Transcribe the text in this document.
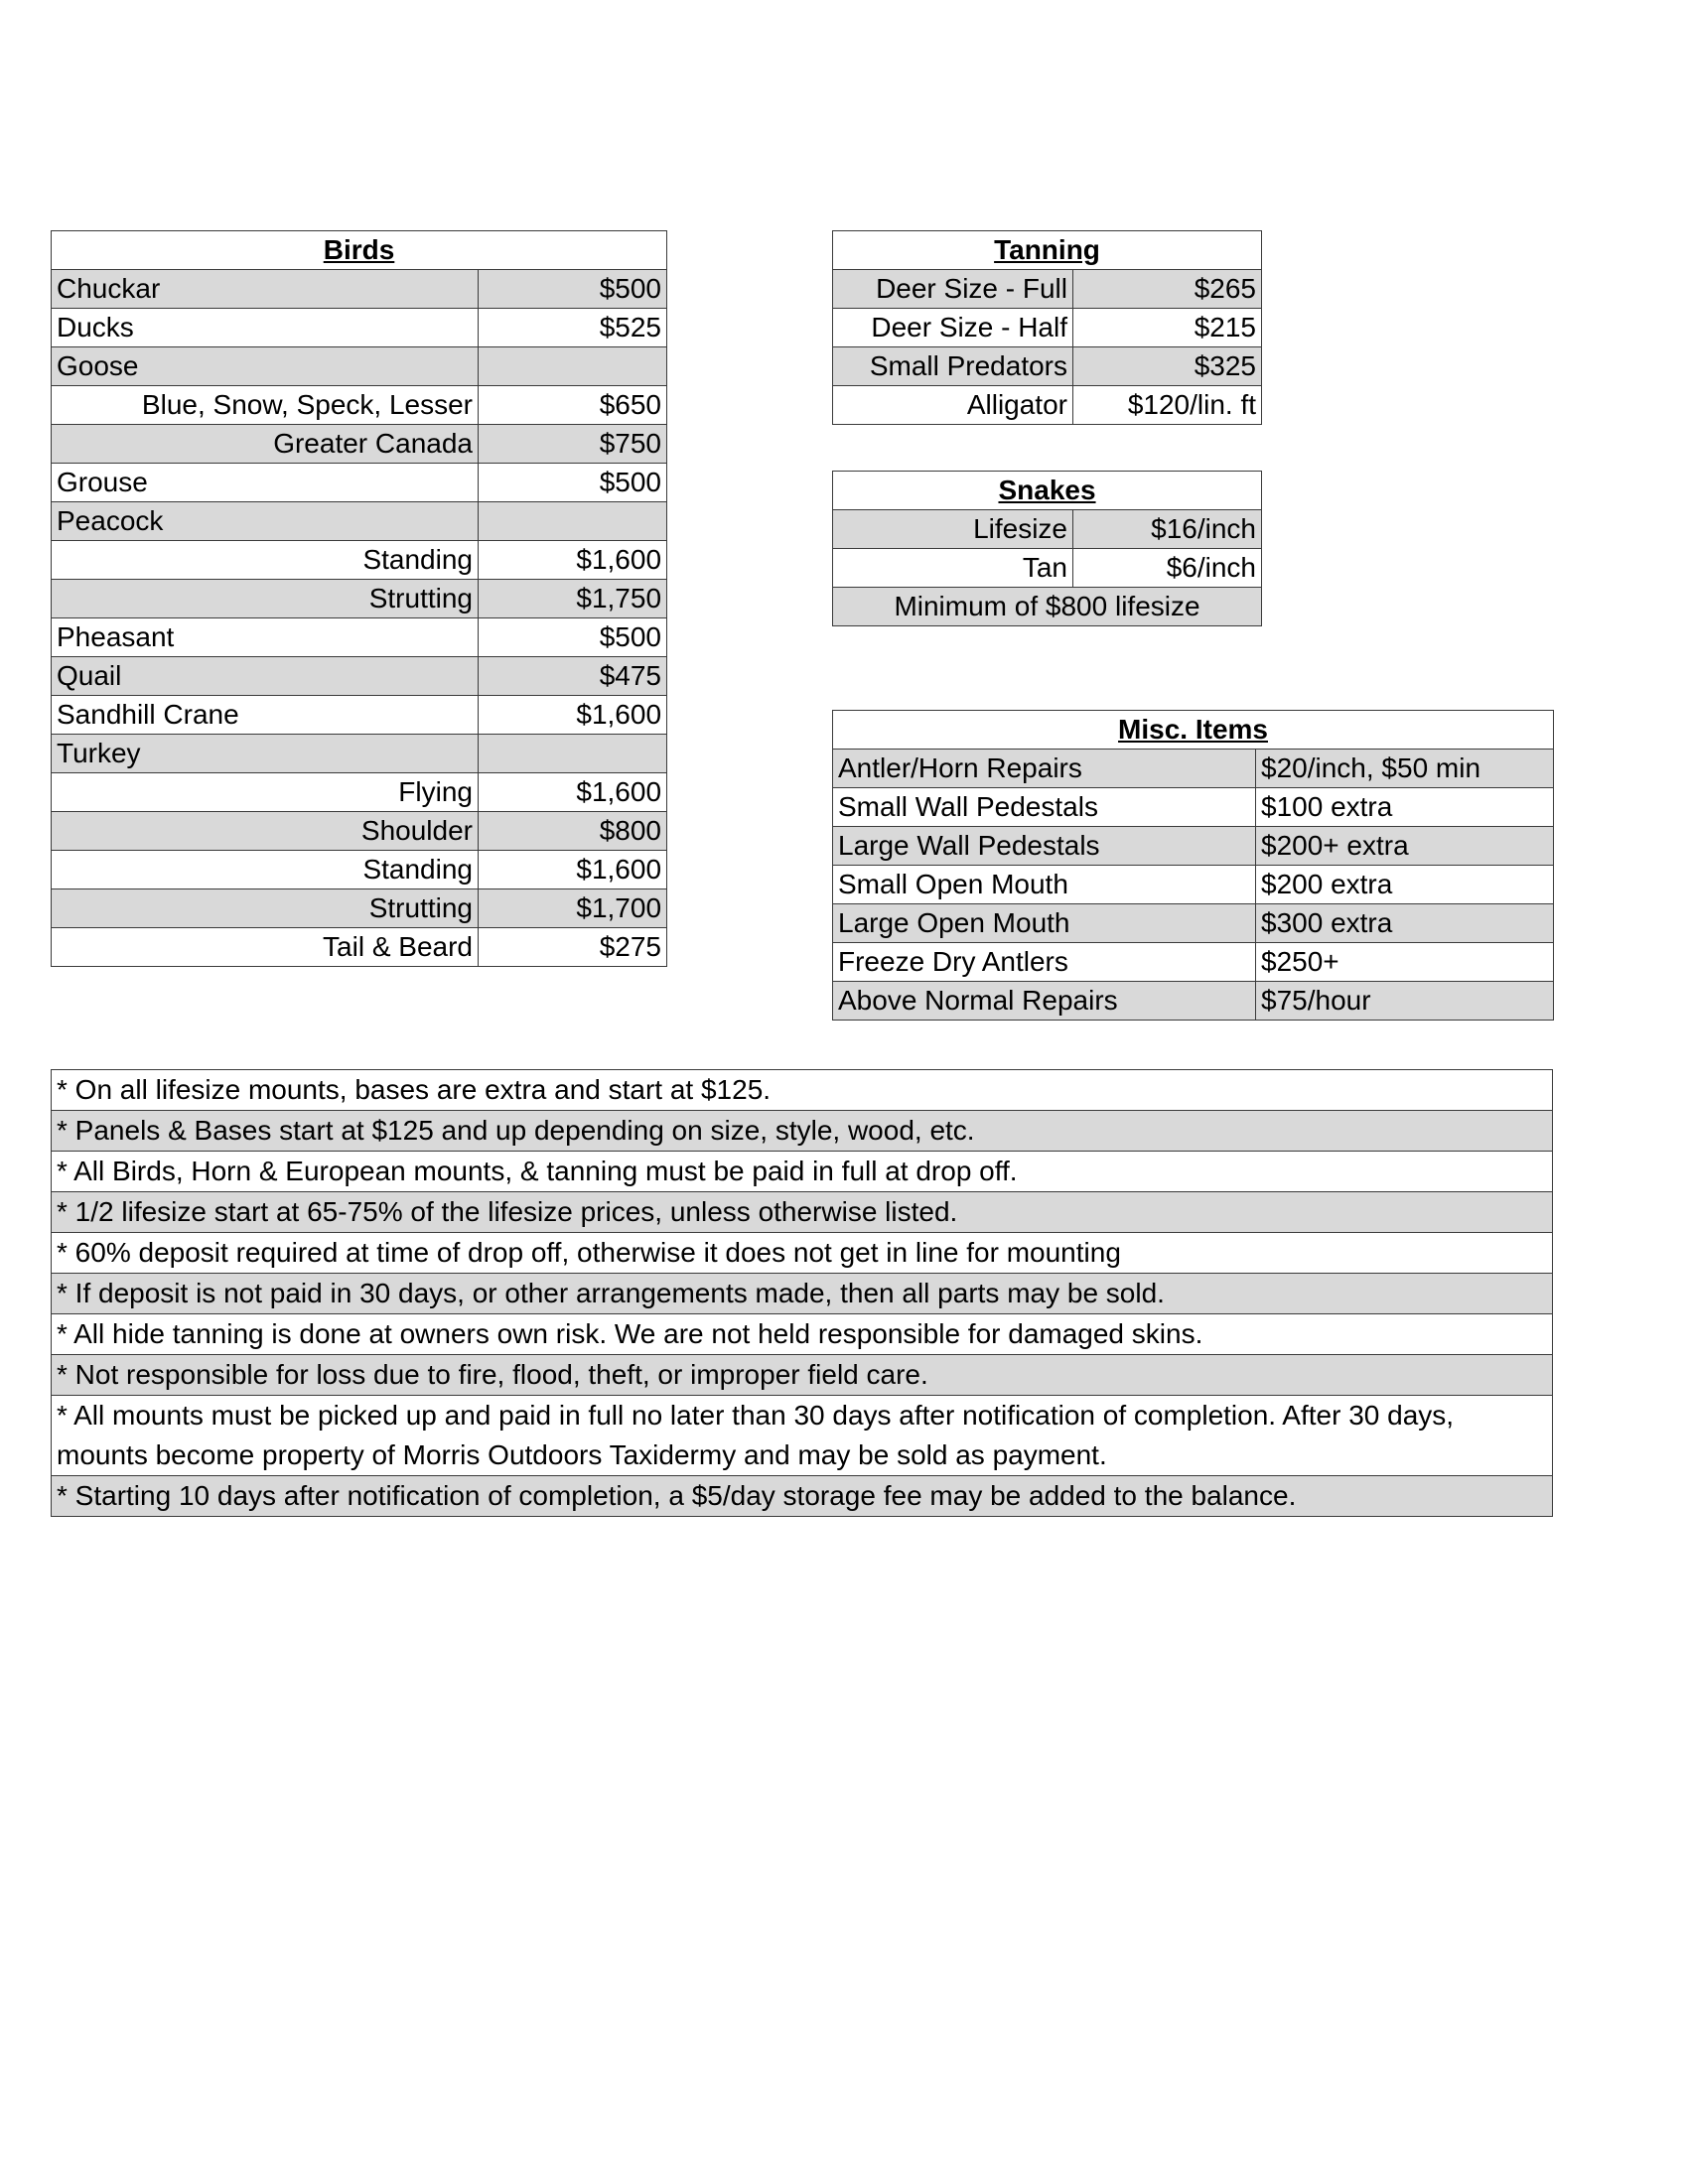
Birds	
Chuckar	$500
Ducks	$525
Goose	
Blue, Snow, Speck, Lesser	$650
Greater Canada	$750
Grouse	$500
Peacock	
Standing	$1,600
Strutting	$1,750
Pheasant	$500
Quail	$475
Sandhill Crane	$1,600
Turkey	
Flying	$1,600
Shoulder	$800
Standing	$1,600
Strutting	$1,700
Tail & Beard	$275
Tanning	
Deer Size - Full	$265
Deer Size - Half	$215
Small Predators	$325
Alligator	$120/lin. ft
Snakes	
Lifesize	$16/inch
Tan	$6/inch
Minimum of $800 lifesize	
Misc. Items	
Antler/Horn Repairs	$20/inch, $50 min
Small Wall Pedestals	$100 extra
Large Wall Pedestals	$200+ extra
Small Open Mouth	$200 extra
Large Open Mouth	$300 extra
Freeze Dry Antlers	$250+
Above Normal Repairs	$75/hour
* On all lifesize mounts, bases are extra and start at $125.
* Panels & Bases start at $125 and up depending on size, style, wood, etc.
* All Birds, Horn & European mounts, & tanning must be paid in full at drop off.
* 1/2 lifesize start at 65-75% of the lifesize prices, unless otherwise listed.
* 60% deposit required at time of drop off, otherwise it does not get in line for mounting
* If deposit is not paid in 30 days, or other arrangements made, then all parts may be sold.
* All hide tanning is done at owners own risk. We are not held responsible for damaged skins.
* Not responsible for loss due to fire, flood, theft, or improper field care.
* All mounts must be picked up and paid in full no later than 30 days after notification of completion. After 30 days, mounts become property of Morris Outdoors Taxidermy and may be sold as payment.
* Starting 10 days after notification of completion, a $5/day storage fee may be added to the balance.
